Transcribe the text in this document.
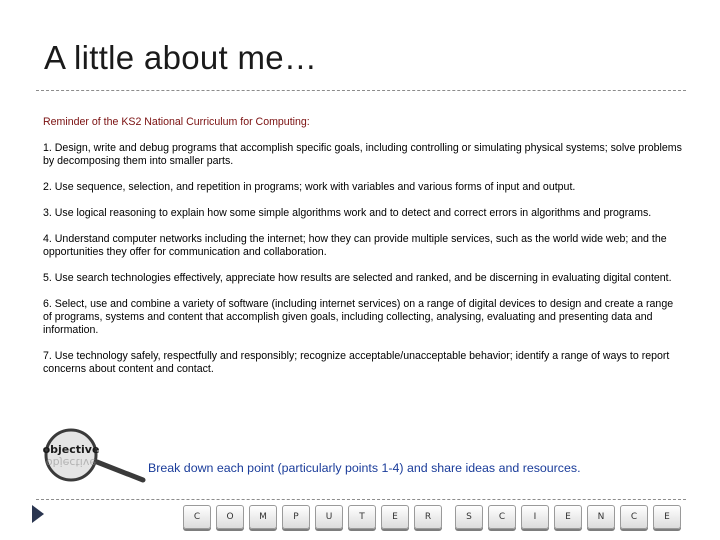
A little about me…

Reminder of the KS2 National Curriculum for Computing:

1. Design, write and debug programs that accomplish specific goals, including controlling or simulating physical systems; solve problems by decomposing them into smaller parts.

2. Use sequence, selection, and repetition in programs; work with variables and various forms of input and output.

3. Use logical reasoning to explain how some simple algorithms work and to detect and correct errors in algorithms and programs.

4. Understand computer networks including the internet; how they can provide multiple services, such as the world wide web; and the opportunities they offer for communication and collaboration.

5. Use search technologies effectively, appreciate how results are selected and ranked, and be discerning in evaluating digital content.

6. Select, use and combine a variety of software (including internet services) on a range of digital devices to design and create a range of programs, systems and content that accomplish given goals, including collecting, analysing, evaluating and presenting data and information.

7. Use technology safely, respectfully and responsibly; recognize acceptable/unacceptable behavior; identify a range of ways to report concerns about content and contact.

objective
objective	Break down each point (particularly points 1-4) and share ideas and resources.
C	O	M	P	U	T	E	R	S	C	I	E	N	C	E
